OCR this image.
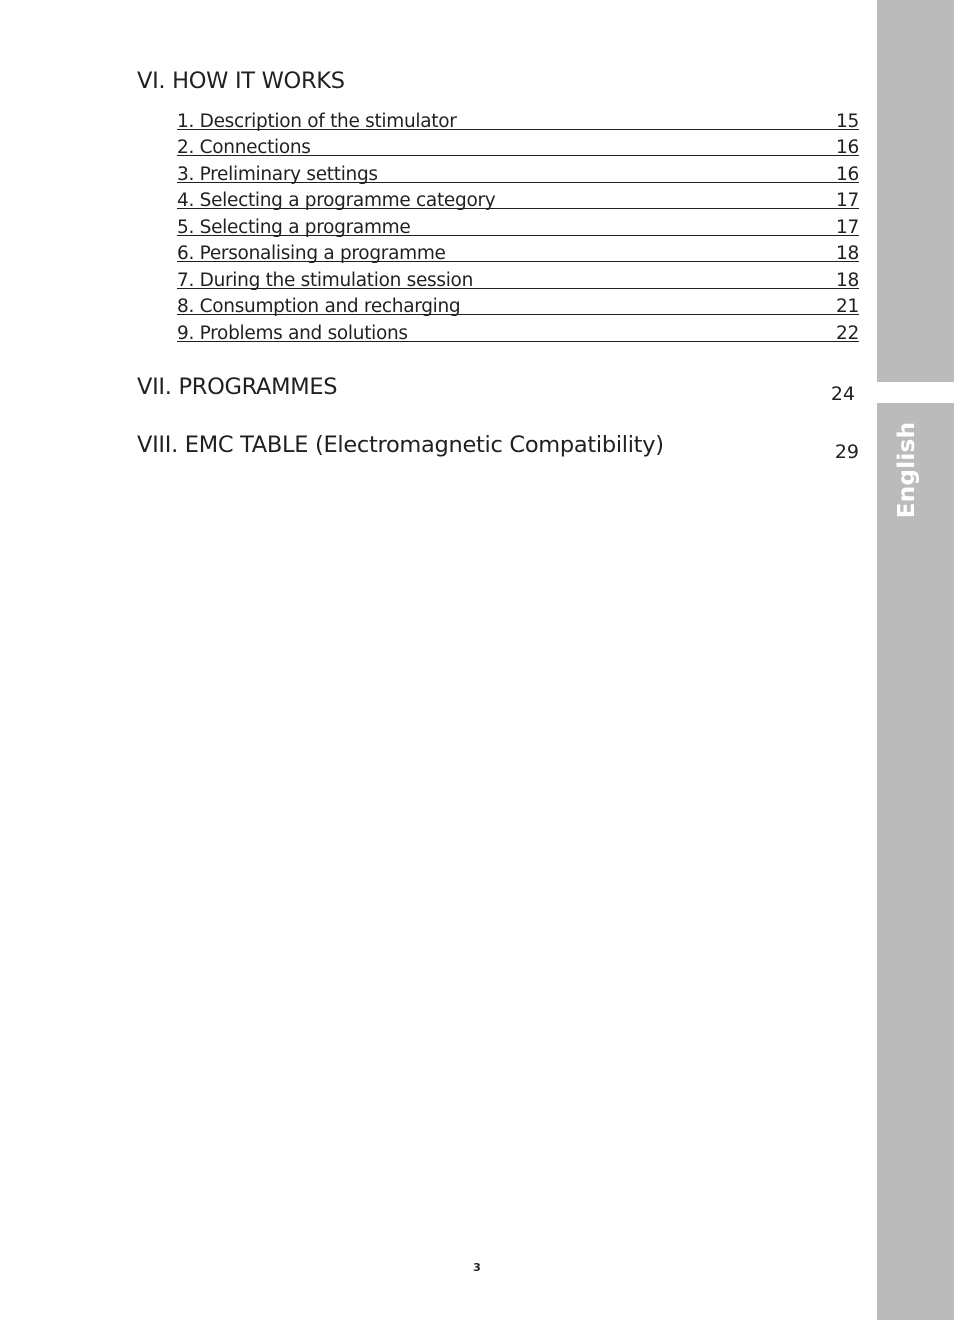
English
VI. HOW IT WORKS
1. Description of the stimulator	15
2. Connections	16
3. Preliminary settings	16
4. Selecting a programme category	17
5. Selecting a programme	17
6. Personalising a programme	18
7. During the stimulation session	18
8. Consumption and recharging	21
9. Problems and solutions	22
VII. PROGRAMMES	24
VIII. EMC TABLE (Electromagnetic Compatibility)	29
3
